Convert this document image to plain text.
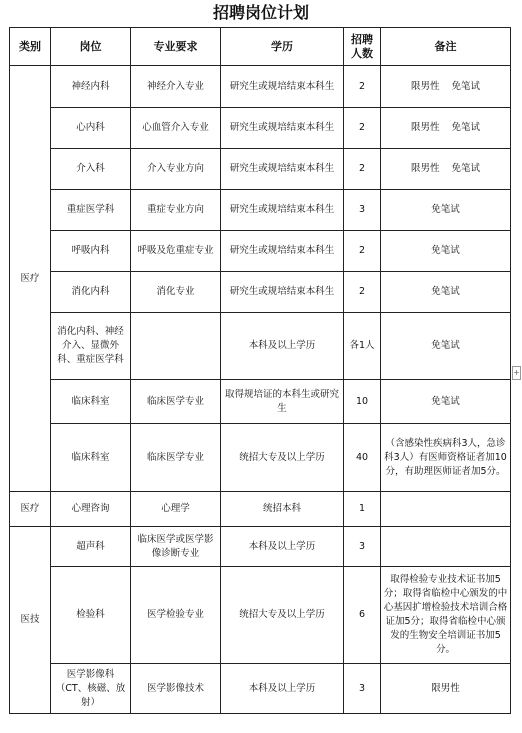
招聘岗位计划
类别	岗位	专业要求	学历	招聘人数	备注
医疗	神经内科	神经介入专业	研究生或规培结束本科生	2	限男性    免笔试
	心内科	心血管介入专业	研究生或规培结束本科生	2	限男性    免笔试
	介入科	介入专业方向	研究生或规培结束本科生	2	限男性    免笔试
	重症医学科	重症专业方向	研究生或规培结束本科生	3	免笔试
	呼吸内科	呼吸及危重症专业	研究生或规培结束本科生	2	免笔试
	消化内科	消化专业	研究生或规培结束本科生	2	免笔试
	消化内科、神经介入、显微外科、重症医学科		本科及以上学历	各1人	免笔试
	临床科室	临床医学专业	取得规培证的本科生或研究生	10	免笔试
	临床科室	临床医学专业	统招大专及以上学历	40	（含感染性疾病科3人，急诊科3人）有医师资格证者加10分，有助理医师证者加5分。
医疗	心理咨询	心理学	统招本科	1	
医技	超声科	临床医学或医学影像诊断专业	本科及以上学历	3	
	检验科	医学检验专业	统招大专及以上学历	6	取得检验专业技术证书加5分；取得省临检中心颁发的中心基因扩增检验技术培训合格证加5分；取得省临检中心颁发的生物安全培训证书加5分。
	医学影像科（CT、核磁、放射）	医学影像技术	本科及以上学历	3	限男性
+
